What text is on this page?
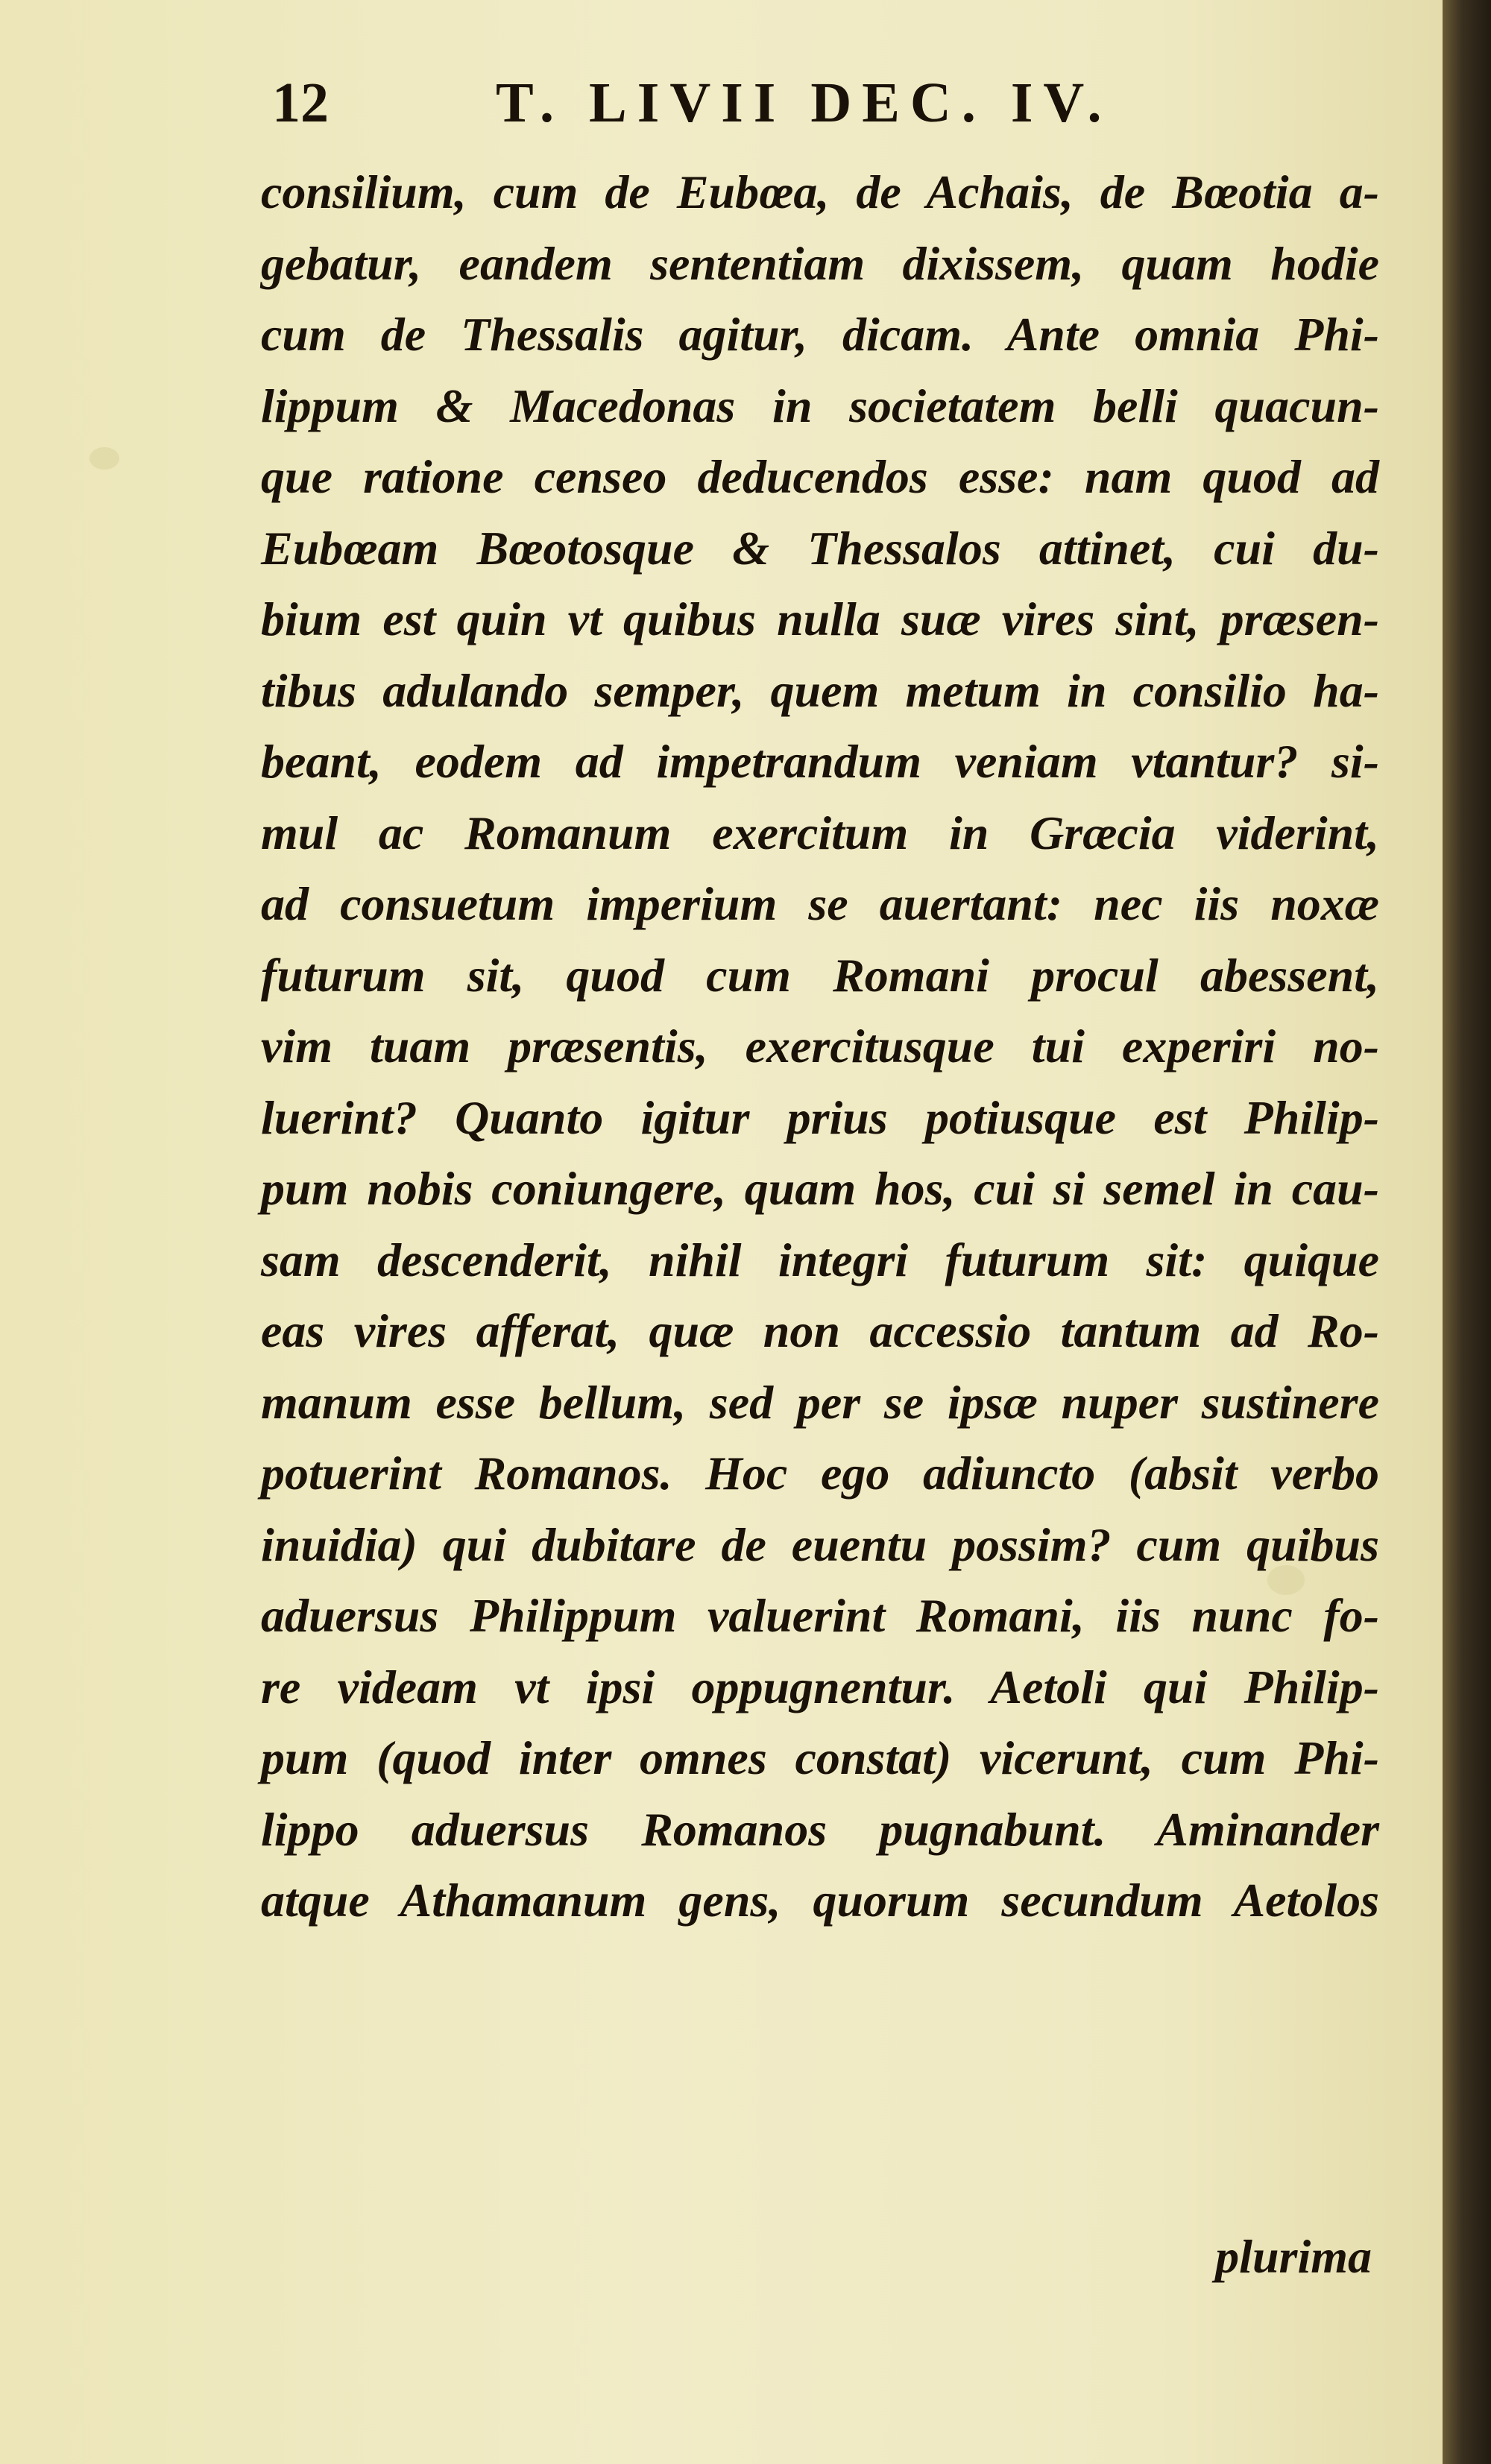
12	T. LIVII DEC. IV.
consilium, cum de Eubœa, de Achais, de Bœotia a-
gebatur, eandem sententiam dixissem, quam hodie
cum de Thessalis agitur, dicam. Ante omnia Phi-
lippum & Macedonas in societatem belli quacun-
que ratione censeo deducendos esse: nam quod ad
Eubœam Bœotosque & Thessalos attinet, cui du-
bium est quin vt quibus nulla suæ vires sint, præsen-
tibus adulando semper, quem metum in consilio ha-
beant, eodem ad impetrandum veniam vtantur? si-
mul ac Romanum exercitum in Græcia viderint,
ad consuetum imperium se auertant: nec iis noxæ
futurum sit, quod cum Romani procul abessent,
vim tuam præsentis, exercitusque tui experiri no-
luerint? Quanto igitur prius potiusque est Philip-
pum nobis coniungere, quam hos, cui si semel in cau-
sam descenderit, nihil integri futurum sit: quique
eas vires afferat, quæ non accessio tantum ad Ro-
manum esse bellum, sed per se ipsæ nuper sustinere
potuerint Romanos. Hoc ego adiuncto (absit verbo
inuidia) qui dubitare de euentu possim? cum quibus
aduersus Philippum valuerint Romani, iis nunc fo-
re videam vt ipsi oppugnentur. Aetoli qui Philip-
pum (quod inter omnes constat) vicerunt, cum Phi-
lippo aduersus Romanos pugnabunt. Aminander
atque Athamanum gens, quorum secundum Aetolos
plurima
